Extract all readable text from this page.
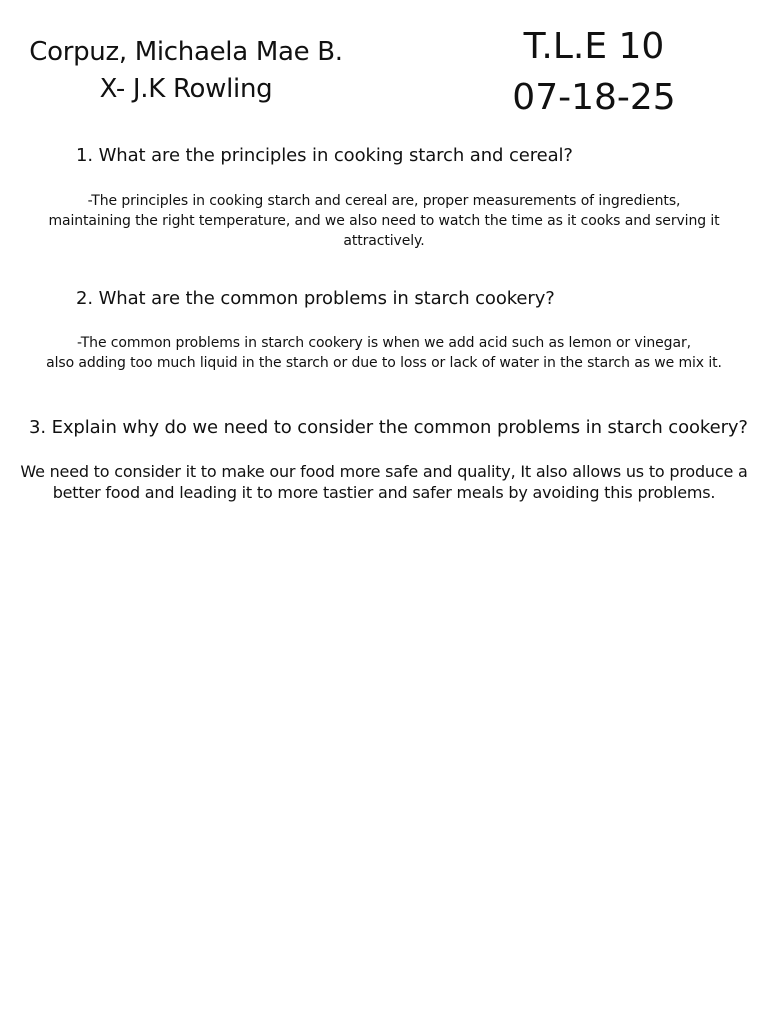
Corpuz, Michaela Mae B.
X- J.K Rowling
T.L.E 10
07-18-25
1. What are the principles in cooking starch and cereal?
-The principles in cooking starch and cereal are, proper measurements of ingredients,
maintaining the right temperature, and we also need to watch the time as it cooks and serving it
attractively.
2. What are the common problems in starch cookery?
-The common problems in starch cookery is when we add acid such as lemon or vinegar,
also adding too much liquid in the starch or due to loss or lack of water in the starch as we mix it.
3. Explain why do we need to consider the common problems in starch cookery?
We need to consider it to make our food more safe and quality, It also allows us to produce a
better food and leading it to more tastier and safer meals by avoiding this problems.
